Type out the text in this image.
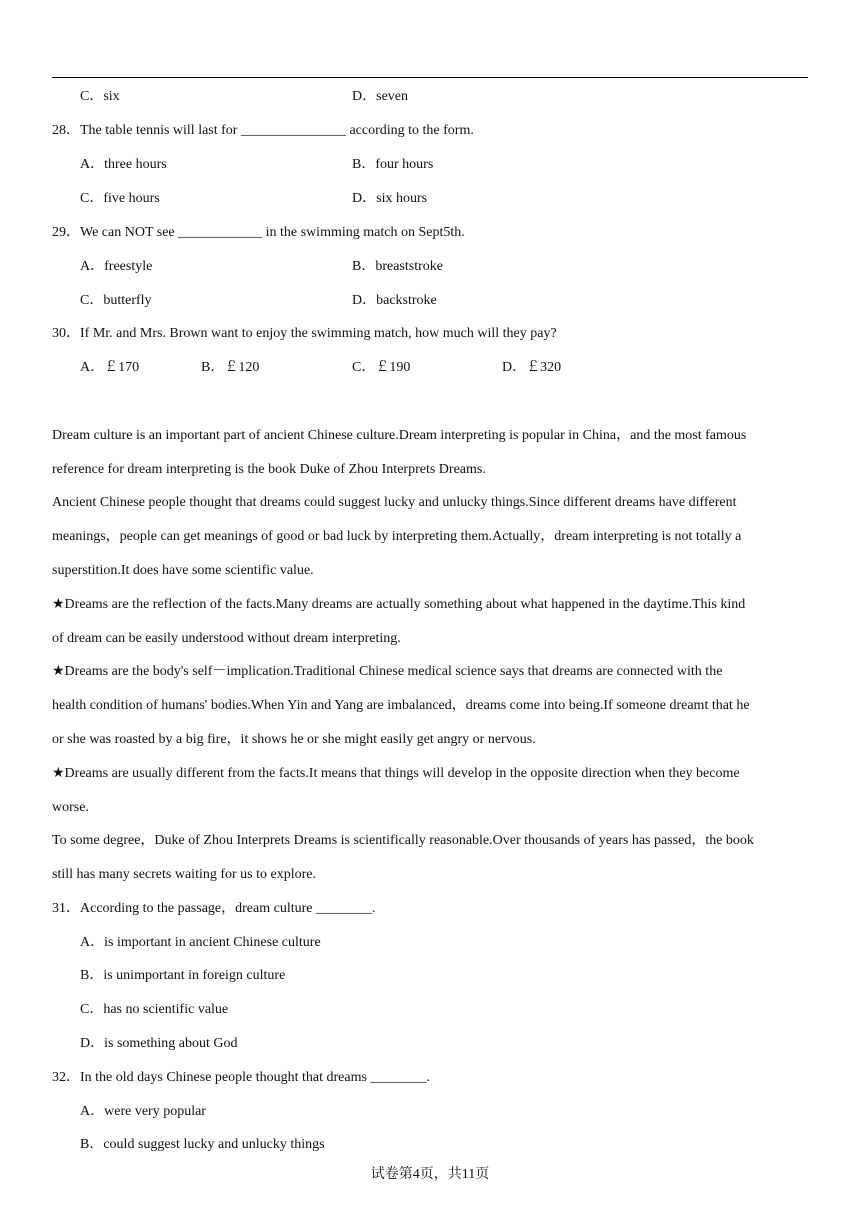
C．six	D．seven
28．The table tennis will last for _______________ according to the form.
A．three hours	B．four hours
C．five hours	D．six hours
29．We can NOT see ____________ in the swimming match on Sept5th.
A．freestyle	B．breaststroke
C．butterfly	D．backstroke
30．If Mr. and Mrs. Brown want to enjoy the swimming match, how much will they pay?
A．￡170	B．￡120	C．￡190	D．￡320
Dream culture is an important part of ancient Chinese culture.Dream interpreting is popular in China，and the most famous
reference for dream interpreting is the book Duke of Zhou Interprets Dreams.
Ancient Chinese people thought that dreams could suggest lucky and unlucky things.Since different dreams have different
meanings，people can get meanings of good or bad luck by interpreting them.Actually，dream interpreting is not totally a
superstition.It does have some scientific value.
★Dreams are the reflection of the facts.Many dreams are actually something about what happened in the daytime.This kind
of dream can be easily understood without dream interpreting.
★Dreams are the body's self－implication.Traditional Chinese medical science says that dreams are connected with the
health condition of humans' bodies.When Yin and Yang are imbalanced，dreams come into being.If someone dreamt that he
or she was roasted by a big fire，it shows he or she might easily get angry or nervous.
★Dreams are usually different from the facts.It means that things will develop in the opposite direction when they become
worse.
To some degree，Duke of Zhou Interprets Dreams is scientifically reasonable.Over thousands of years has passed，the book
still has many secrets waiting for us to explore.
31．According to the passage，dream culture ________.
A．is important in ancient Chinese culture
B．is unimportant in foreign culture
C．has no scientific value
D．is something about God
32．In the old days Chinese people thought that dreams ________.
A．were very popular
B．could suggest lucky and unlucky things
试卷第4页，共11页
